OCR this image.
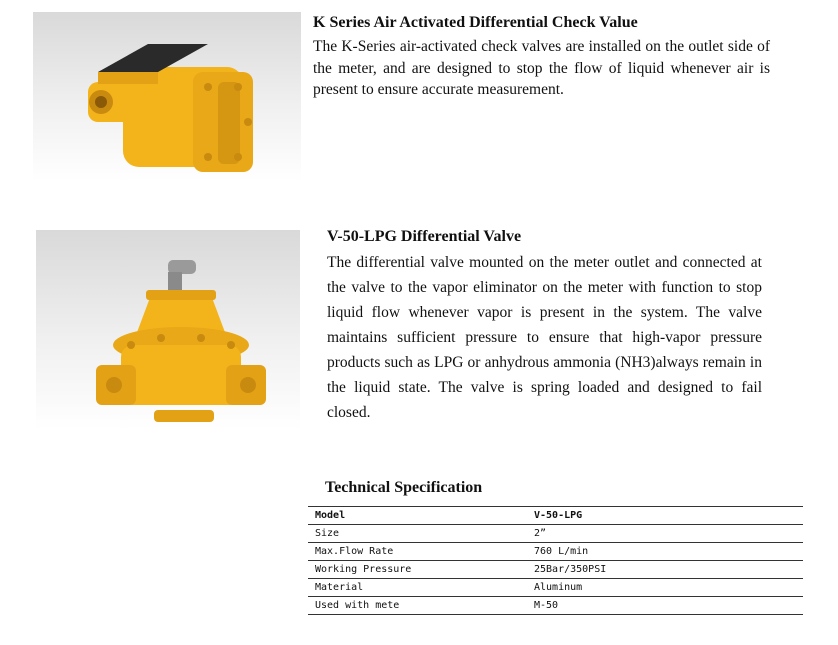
K Series Air Activated Differential Check Value
The K-Series air-activated check valves are installed on the outlet side of the meter, and are designed to stop the flow of liquid whenever air is present to ensure accurate measurement.
V-50-LPG Differential Valve
The differential valve mounted on the meter outlet and connected at the valve to the vapor eliminator on the meter with function to stop liquid flow whenever vapor is present in the system. The valve maintains sufficient pressure to ensure that high-vapor pressure products such as LPG or anhydrous ammonia (NH3)always remain in the liquid state. The valve is spring loaded and designed to fail closed.
Technical Specification
Model	V-50-LPG
Size	2”
Max.Flow Rate	760 L/min
Working Pressure	25Bar/350PSI
Material	Aluminum
Used with mete	M-50
